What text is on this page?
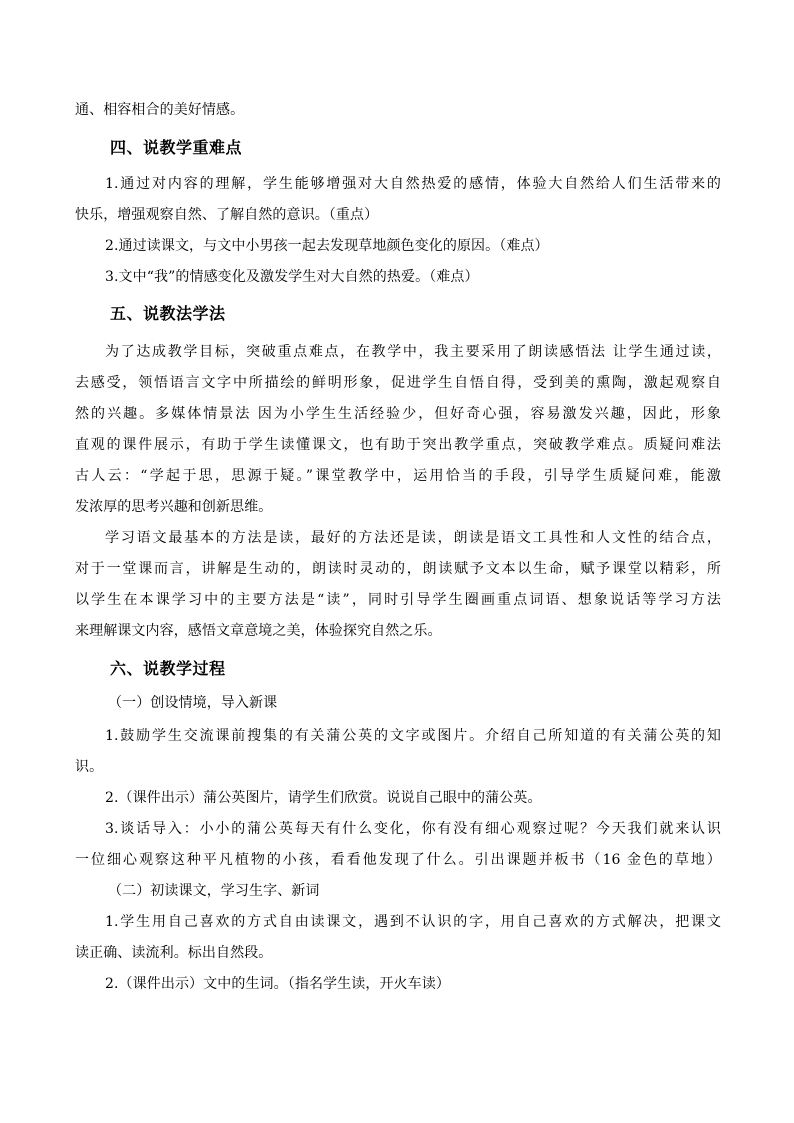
通、相容相合的美好情感。
四、说教学重难点
1.通过对内容的理解，学生能够增强对大自然热爱的感情，体验大自然给人们生活带来的
快乐，增强观察自然、了解自然的意识。（重点）
2.通过读课文，与文中小男孩一起去发现草地颜色变化的原因。（难点）
3.文中“我”的情感变化及激发学生对大自然的热爱。（难点）
五、说教法学法
为了达成教学目标，突破重点难点，在教学中，我主要采用了朗读感悟法 让学生通过读，
去感受，领悟语言文字中所描绘的鲜明形象，促进学生自悟自得，受到美的熏陶，激起观察自
然的兴趣。多媒体情景法 因为小学生生活经验少，但好奇心强，容易激发兴趣，因此，形象
直观的课件展示，有助于学生读懂课文，也有助于突出教学重点，突破教学难点。质疑问难法
古人云：“学起于思，思源于疑。”课堂教学中，运用恰当的手段，引导学生质疑问难，能激
发浓厚的思考兴趣和创新思维。
学习语文最基本的方法是读，最好的方法还是读，朗读是语文工具性和人文性的结合点，
对于一堂课而言，讲解是生动的，朗读时灵动的，朗读赋予文本以生命，赋予课堂以精彩，所
以学生在本课学习中的主要方法是“读”，同时引导学生圈画重点词语、想象说话等学习方法
来理解课文内容，感悟文章意境之美，体验探究自然之乐。
六、说教学过程
（一）创设情境，导入新课
1.鼓励学生交流课前搜集的有关蒲公英的文字或图片。介绍自己所知道的有关蒲公英的知
识。
2.（课件出示）蒲公英图片，请学生们欣赏。说说自己眼中的蒲公英。
3.谈话导入：小小的蒲公英每天有什么变化，你有没有细心观察过呢？今天我们就来认识
一位细心观察这种平凡植物的小孩，看看他发现了什么。引出课题并板书（16 金色的草地）
（二）初读课文，学习生字、新词
1.学生用自己喜欢的方式自由读课文，遇到不认识的字，用自己喜欢的方式解决，把课文
读正确、读流利。标出自然段。
2.（课件出示）文中的生词。（指名学生读，开火车读）
